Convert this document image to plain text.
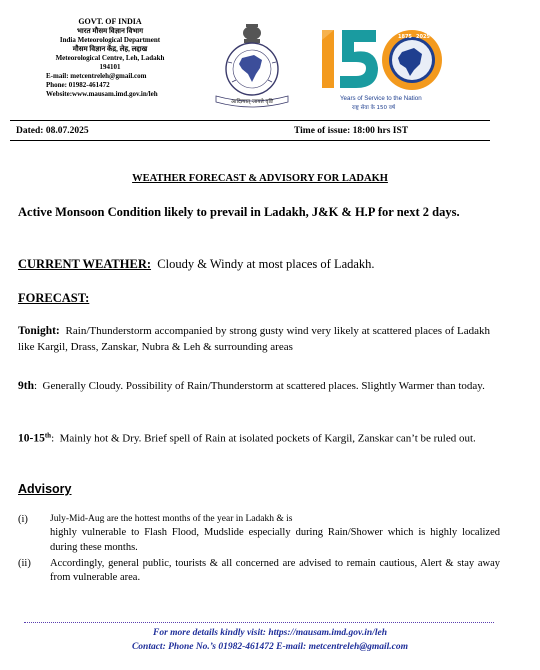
GOVT. OF INDIA
भारत मौसम विज्ञान विभाग
India Meteorological Department
मौसम विज्ञान केंद्र, लेह, लद्दाख
Meteorological Centre, Leh, Ladakh
194101
E-mail: metcentreleh@gmail.com
Phone: 01982-461472
Website:www.mausam.imd.gov.in/leh
आदित्यात् जायते वृष्टि
1875 2025
Years of Service to the Nation
राष्ट्र सेवा के 150 वर्ष
Dated: 08.07.2025	Time of issue: 18:00 hrs IST
WEATHER FORECAST & ADVISORY FOR LADAKH
Active Monsoon Condition likely to prevail in Ladakh, J&K & H.P for next 2 days.
CURRENT WEATHER:  Cloudy & Windy at most places of Ladakh.
FORECAST:
Tonight:  Rain/Thunderstorm accompanied by strong gusty wind very likely at scattered places of Ladakh like Kargil, Drass, Zanskar, Nubra & Leh & surrounding areas
9th:  Generally Cloudy. Possibility of Rain/Thunderstorm at scattered places. Slightly Warmer than today.
10-15th:  Mainly hot & Dry. Brief spell of Rain at isolated pockets of Kargil, Zanskar can’t be ruled out.
Advisory
(i) July-Mid-Aug are the hottest months of the year in Ladakh & is
highly vulnerable to Flash Flood, Mudslide especially during Rain/Shower which is highly localized during these months.
(ii) Accordingly, general public, tourists & all concerned are advised to remain cautious, Alert & stay away from vulnerable area.
For more details kindly visit: https://mausam.imd.gov.in/leh
Contact: Phone No.’s 01982-461472 E-mail: metcentreleh@gmail.com
